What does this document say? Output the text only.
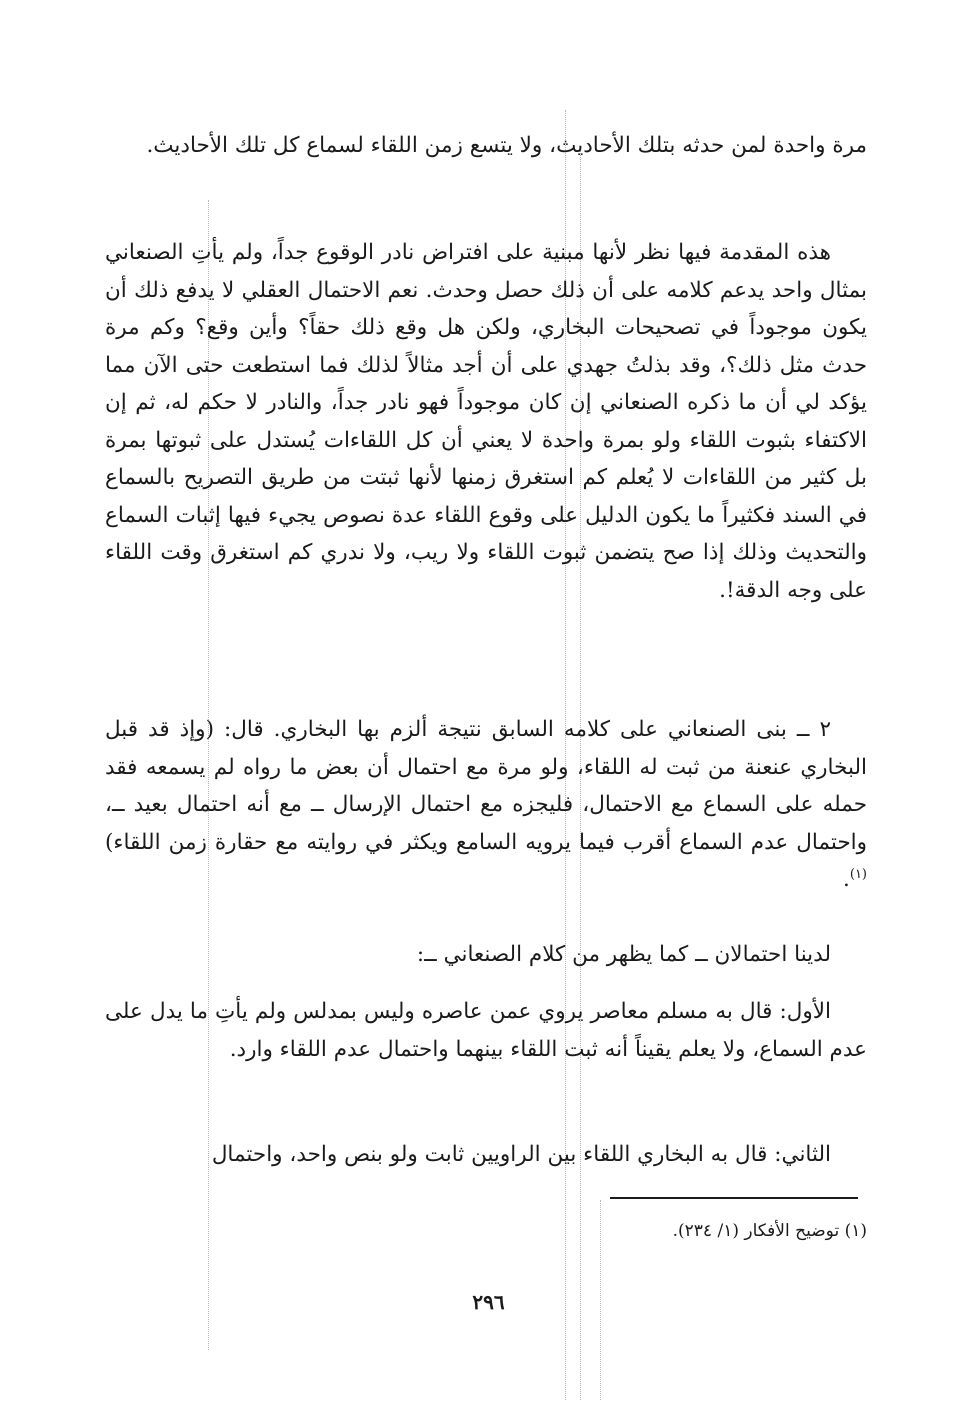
مرة واحدة لمن حدثه بتلك الأحاديث، ولا يتسع زمن اللقاء لسماع كل تلك الأحاديث.

هذه المقدمة فيها نظر لأنها مبنية على افتراض نادر الوقوع جداً، ولم يأتِ الصنعاني بمثال واحد يدعم كلامه على أن ذلك حصل وحدث. نعم الاحتمال العقلي لا يدفع ذلك أن يكون موجوداً في تصحيحات البخاري، ولكن هل وقع ذلك حقاً؟ وأين وقع؟ وكم مرة حدث مثل ذلك؟، وقد بذلتُ جهدي على أن أجد مثالاً لذلك فما استطعت حتى الآن مما يؤكد لي أن ما ذكره الصنعاني إن كان موجوداً فهو نادر جداً، والنادر لا حكم له، ثم إن الاكتفاء بثبوت اللقاء ولو بمرة واحدة لا يعني أن كل اللقاءات يُستدل على ثبوتها بمرة بل كثير من اللقاءات لا يُعلم كم استغرق زمنها لأنها ثبتت من طريق التصريح بالسماع في السند فكثيراً ما يكون الدليل على وقوع اللقاء عدة نصوص يجيء فيها إثبات السماع والتحديث وذلك إذا صح يتضمن ثبوت اللقاء ولا ريب، ولا ندري كم استغرق وقت اللقاء على وجه الدقة!.

٢ ــ بنى الصنعاني على كلامه السابق نتيجة ألزم بها البخاري. قال: (وإذ قد قبل البخاري عنعنة من ثبت له اللقاء، ولو مرة مع احتمال أن بعض ما رواه لم يسمعه فقد حمله على السماع مع الاحتمال، فليجزه مع احتمال الإرسال ــ مع أنه احتمال بعيد ــ، واحتمال عدم السماع أقرب فيما يرويه السامع ويكثر في روايته مع حقارة زمن اللقاء)$^{(١)}$.

لدينا احتمالان ــ كما يظهر من كلام الصنعاني ــ:

الأول: قال به مسلم معاصر يروي عمن عاصره وليس بمدلس ولم يأتِ ما يدل على عدم السماع، ولا يعلم يقيناً أنه ثبت اللقاء بينهما واحتمال عدم اللقاء وارد.

الثاني: قال به البخاري اللقاء بين الراويين ثابت ولو بنص واحد، واحتمال

(١) توضيح الأفكار (١/ ٢٣٤).

٢٩٦
